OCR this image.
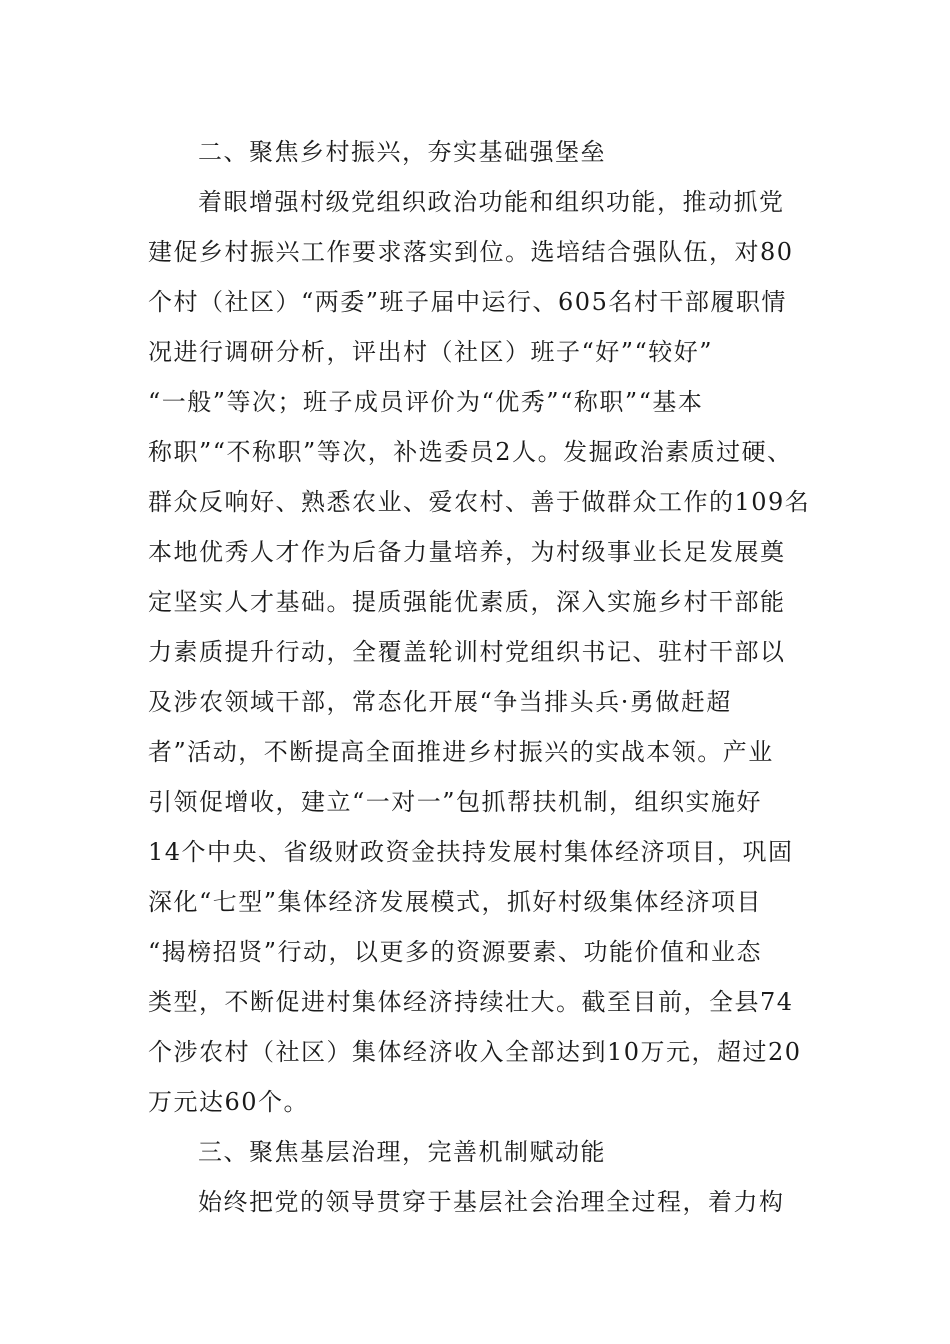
二、聚焦乡村振兴，夯实基础强堡垒
着眼增强村级党组织政治功能和组织功能，推动抓党
建促乡村振兴工作要求落实到位。选培结合强队伍，对80
个村（社区）“两委”班子届中运行、605名村干部履职情
况进行调研分析，评出村（社区）班子“好”“较好”
“一般”等次；班子成员评价为“优秀”“称职”“基本
称职”“不称职”等次，补选委员2人。发掘政治素质过硬、
群众反响好、熟悉农业、爱农村、善于做群众工作的109名
本地优秀人才作为后备力量培养，为村级事业长足发展奠
定坚实人才基础。提质强能优素质，深入实施乡村干部能
力素质提升行动，全覆盖轮训村党组织书记、驻村干部以
及涉农领域干部，常态化开展“争当排头兵·勇做赶超
者”活动，不断提高全面推进乡村振兴的实战本领。产业
引领促增收，建立“一对一”包抓帮扶机制，组织实施好
14个中央、省级财政资金扶持发展村集体经济项目，巩固
深化“七型”集体经济发展模式，抓好村级集体经济项目
“揭榜招贤”行动，以更多的资源要素、功能价值和业态
类型，不断促进村集体经济持续壮大。截至目前，全县74
个涉农村（社区）集体经济收入全部达到10万元，超过20
万元达60个。
三、聚焦基层治理，完善机制赋动能
始终把党的领导贯穿于基层社会治理全过程，着力构
